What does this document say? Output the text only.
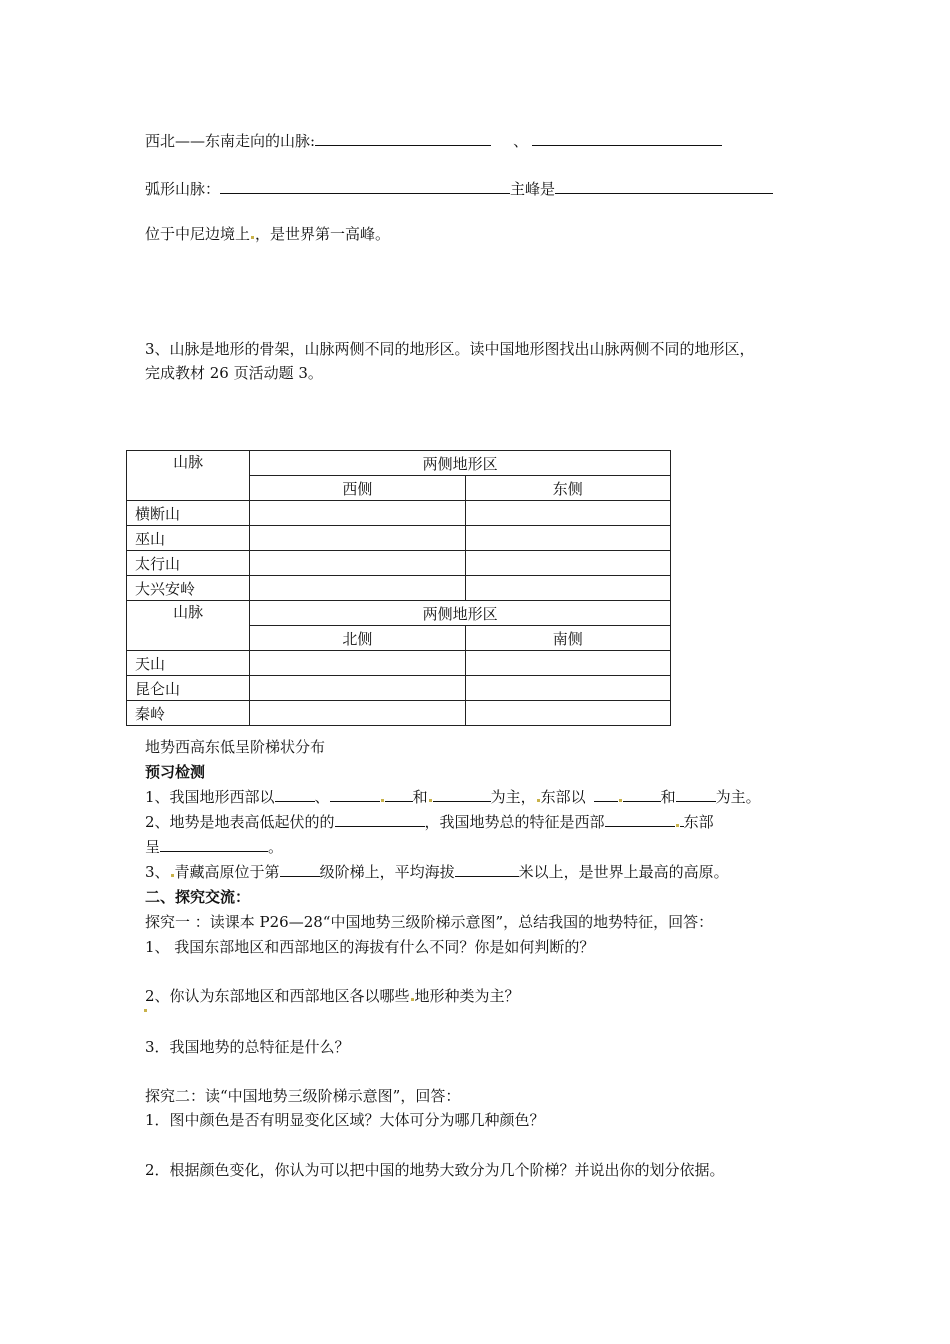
西北——东南走向的山脉:	、
弧形山脉：	主峰是
位于中尼边境上 ，是世界第一高峰。
3、山脉是地形的骨架，山脉两侧不同的地形区。读中国地形图找出山脉两侧不同的地形区，
完成教材 26 页活动题 3。
山脉	两侧地形区	
	西侧	东侧
横断山		
巫山		
太行山		
大兴安岭		
山脉	两侧地形区	
	北侧	南侧
天山		
昆仑山		
秦岭		
地势西高东低呈阶梯状分布
预习检测
1、我国地形西部以	、	和	为主， 东部以	和	为主。
2、地势是地表高低起伏的的	，我国地势总的特征是西部	东部
呈	。
3、 青藏高原位于第	级阶梯上，平均海拔	米以上，是世界上最高的高原。
二、探究交流：
探究一 ：读课本 P26—28“中国地势三级阶梯示意图”，总结我国的地势特征，回答：
1、 我国东部地区和西部地区的海拔有什么不同？你是如何判断的？
2、你认为东部地区和西部地区各以哪些 地形种类为主？
3．我国地势的总特征是什么？
探究二：读“中国地势三级阶梯示意图”，回答：
1．图中颜色是否有明显变化区域？大体可分为哪几种颜色？
2．根据颜色变化，你认为可以把中国的地势大致分为几个阶梯？并说出你的划分依据。
